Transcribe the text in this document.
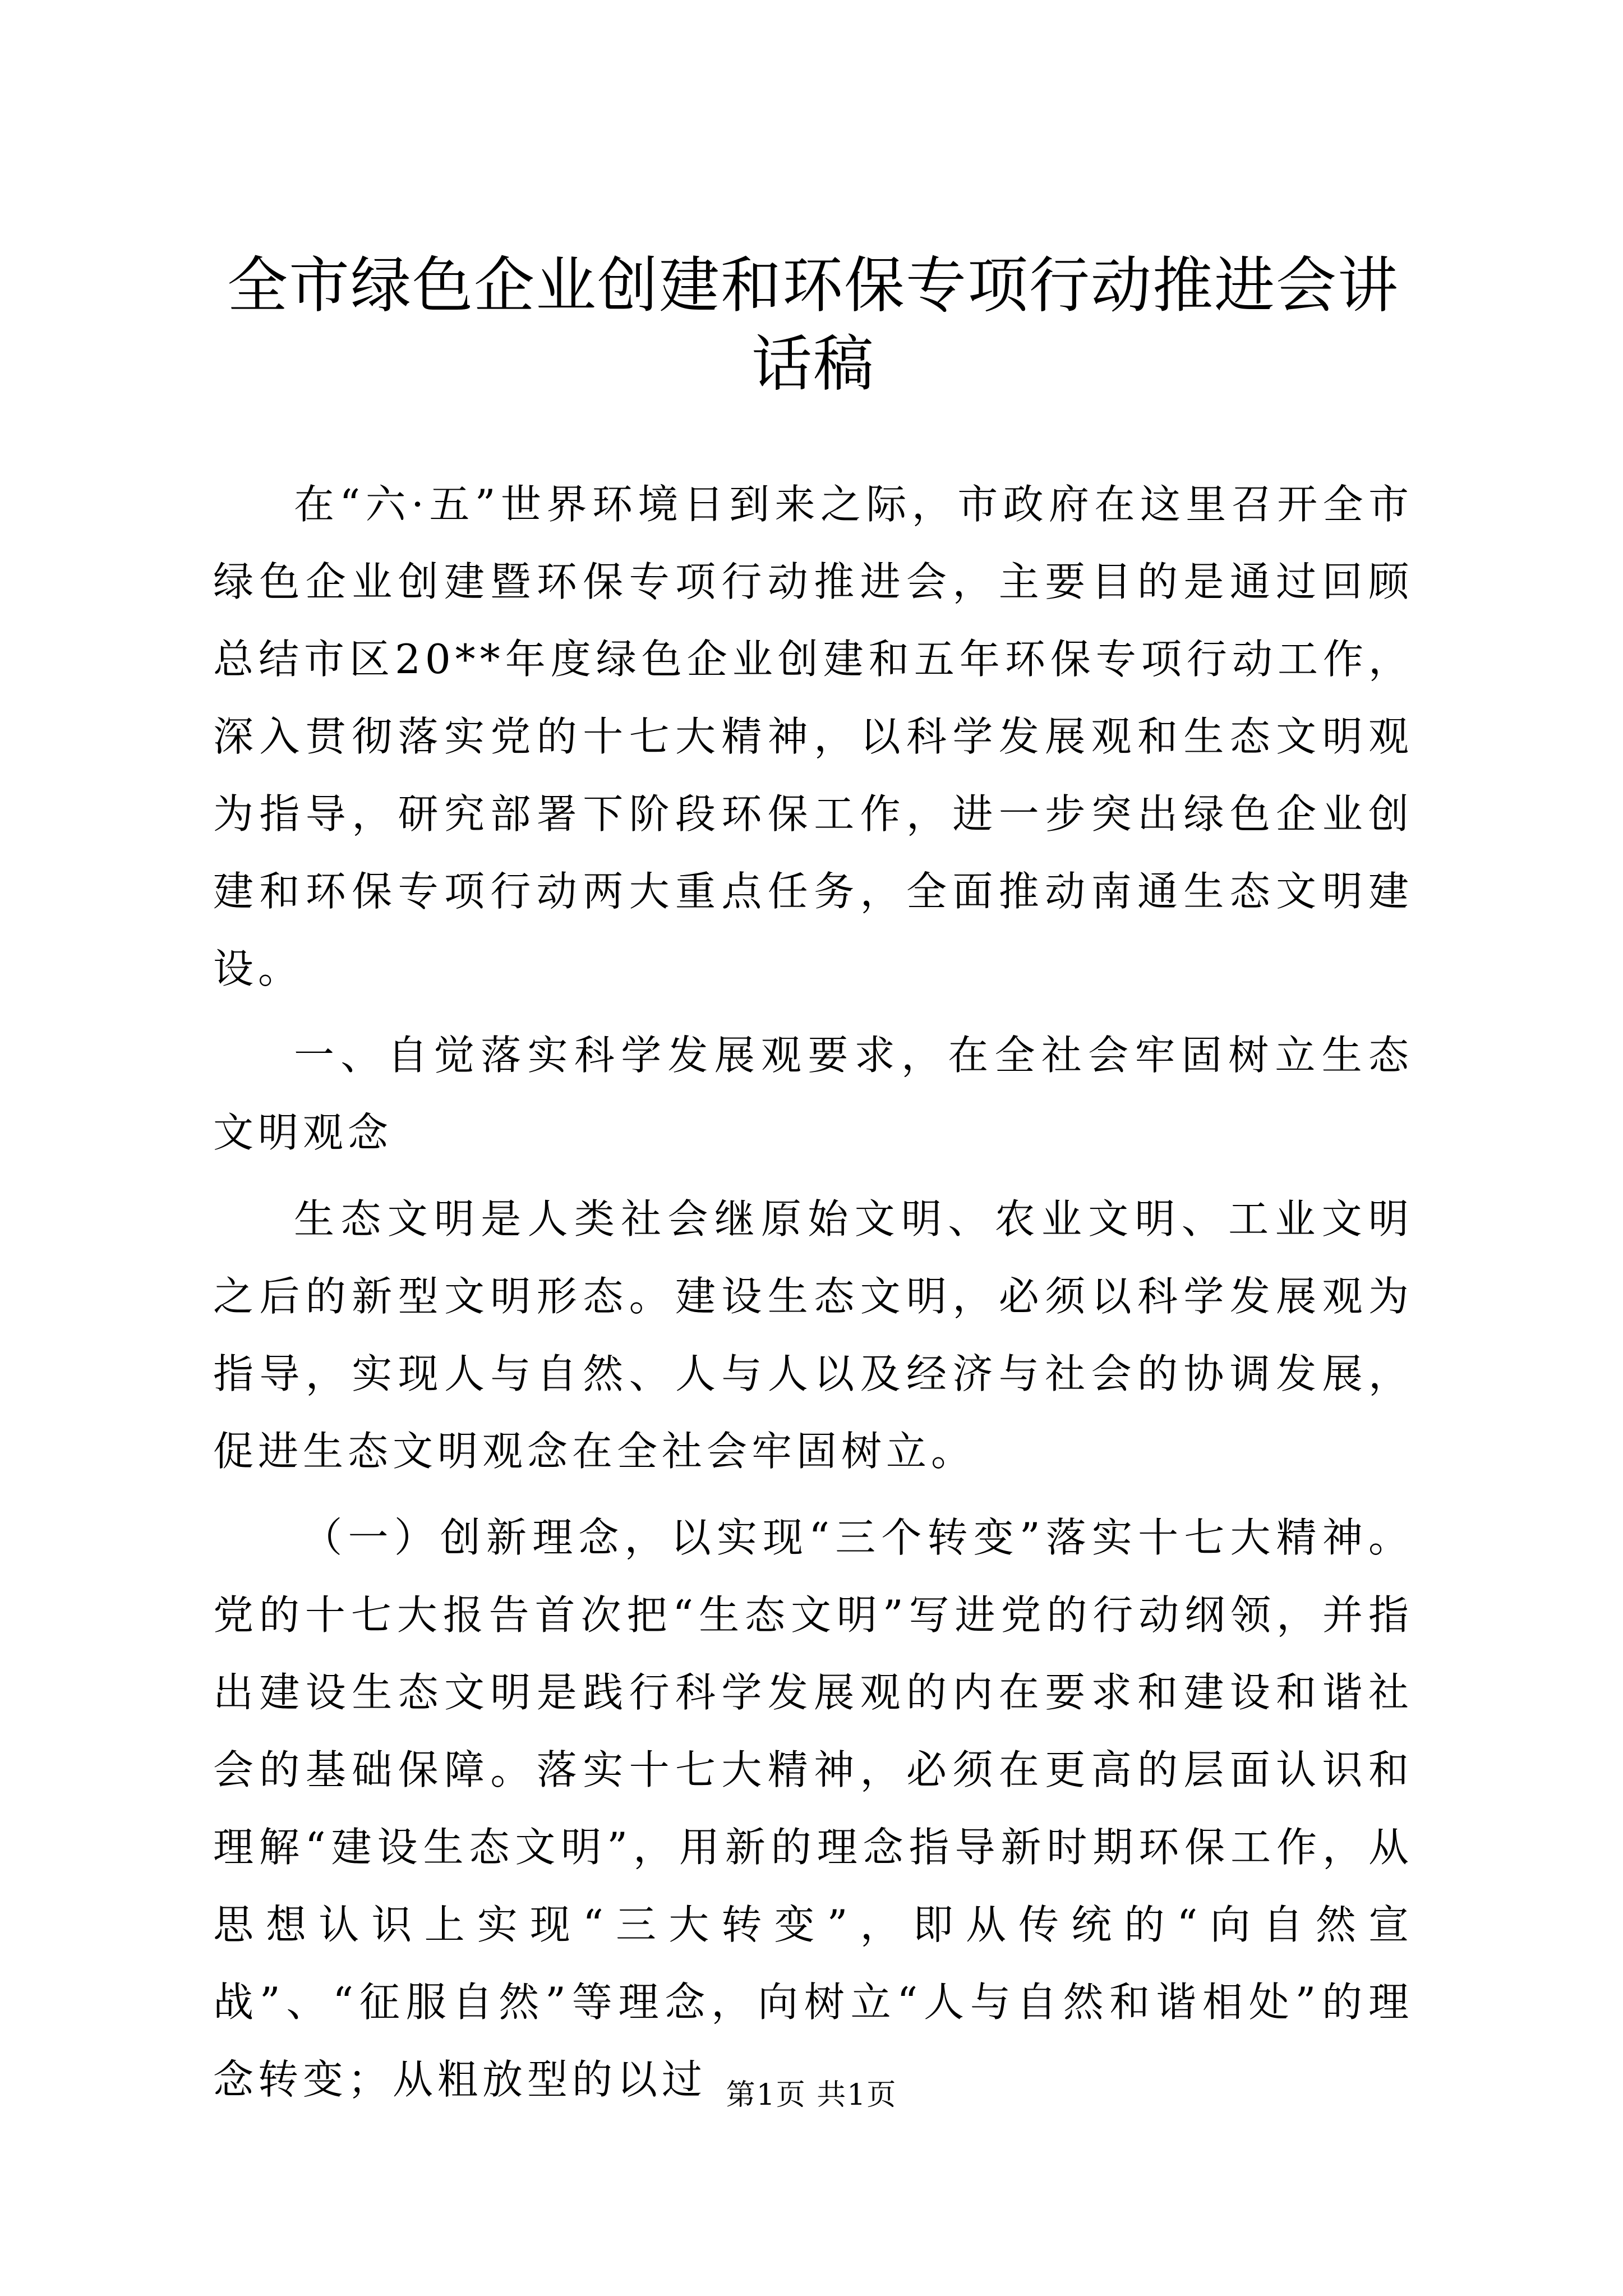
全市绿色企业创建和环保专项行动推进会讲话稿

在“六·五”世界环境日到来之际，市政府在这里召开全市绿色企业创建暨环保专项行动推进会，主要目的是通过回顾总结市区20**年度绿色企业创建和五年环保专项行动工作，深入贯彻落实党的十七大精神，以科学发展观和生态文明观为指导，研究部署下阶段环保工作，进一步突出绿色企业创建和环保专项行动两大重点任务，全面推动南通生态文明建设。

一、自觉落实科学发展观要求，在全社会牢固树立生态文明观念

生态文明是人类社会继原始文明、农业文明、工业文明之后的新型文明形态。建设生态文明，必须以科学发展观为指导，实现人与自然、人与人以及经济与社会的协调发展，促进生态文明观念在全社会牢固树立。

（一）创新理念，以实现“三个转变”落实十七大精神。党的十七大报告首次把“生态文明”写进党的行动纲领，并指出建设生态文明是践行科学发展观的内在要求和建设和谐社会的基础保障。落实十七大精神，必须在更高的层面认识和理解“建设生态文明”，用新的理念指导新时期环保工作，从思想认识上实现“三大转变”，即从传统的“向自然宣战”、“征服自然”等理念，向树立“人与自然和谐相处”的理念转变；从粗放型的以过 第1页 共1页
